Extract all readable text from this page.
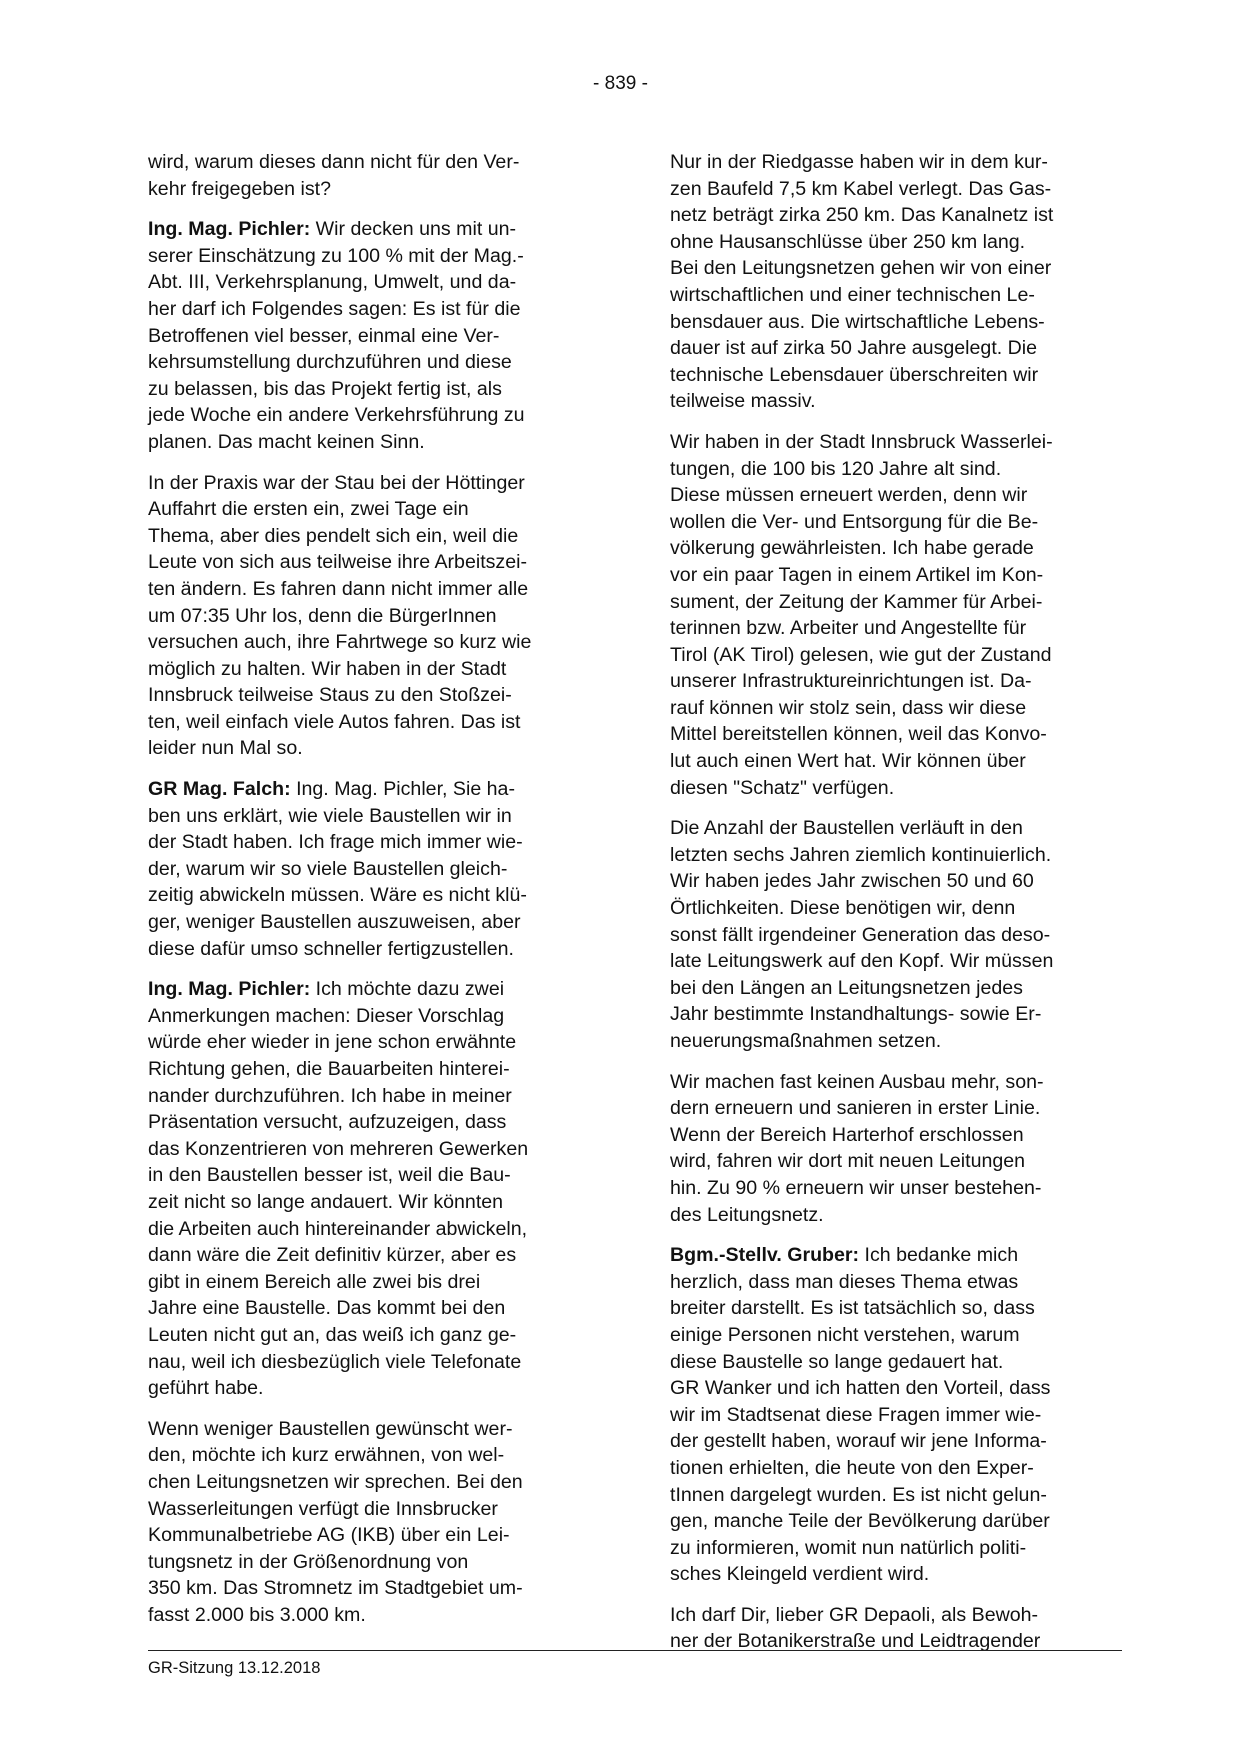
- 839 -
wird, warum dieses dann nicht für den Ver-
kehr freigegeben ist?
Ing. Mag. Pichler: Wir decken uns mit un-
serer Einschätzung zu 100 % mit der Mag.-
Abt. III, Verkehrsplanung, Umwelt, und da-
her darf ich Folgendes sagen: Es ist für die
Betroffenen viel besser, einmal eine Ver-
kehrsumstellung durchzuführen und diese
zu belassen, bis das Projekt fertig ist, als
jede Woche ein andere Verkehrsführung zu
planen. Das macht keinen Sinn.
In der Praxis war der Stau bei der Höttinger
Auffahrt die ersten ein, zwei Tage ein
Thema, aber dies pendelt sich ein, weil die
Leute von sich aus teilweise ihre Arbeitszei-
ten ändern. Es fahren dann nicht immer alle
um 07:35 Uhr los, denn die BürgerInnen
versuchen auch, ihre Fahrtwege so kurz wie
möglich zu halten. Wir haben in der Stadt
Innsbruck teilweise Staus zu den Stoßzei-
ten, weil einfach viele Autos fahren. Das ist
leider nun Mal so.
GR Mag. Falch: Ing. Mag. Pichler, Sie ha-
ben uns erklärt, wie viele Baustellen wir in
der Stadt haben. Ich frage mich immer wie-
der, warum wir so viele Baustellen gleich-
zeitig abwickeln müssen. Wäre es nicht klü-
ger, weniger Baustellen auszuweisen, aber
diese dafür umso schneller fertigzustellen.
Ing. Mag. Pichler: Ich möchte dazu zwei
Anmerkungen machen: Dieser Vorschlag
würde eher wieder in jene schon erwähnte
Richtung gehen, die Bauarbeiten hinterei-
nander durchzuführen. Ich habe in meiner
Präsentation versucht, aufzuzeigen, dass
das Konzentrieren von mehreren Gewerken
in den Baustellen besser ist, weil die Bau-
zeit nicht so lange andauert. Wir könnten
die Arbeiten auch hintereinander abwickeln,
dann wäre die Zeit definitiv kürzer, aber es
gibt in einem Bereich alle zwei bis drei
Jahre eine Baustelle. Das kommt bei den
Leuten nicht gut an, das weiß ich ganz ge-
nau, weil ich diesbezüglich viele Telefonate
geführt habe.
Wenn weniger Baustellen gewünscht wer-
den, möchte ich kurz erwähnen, von wel-
chen Leitungsnetzen wir sprechen. Bei den
Wasserleitungen verfügt die Innsbrucker
Kommunalbetriebe AG (IKB) über ein Lei-
tungsnetz in der Größenordnung von
350 km. Das Stromnetz im Stadtgebiet um-
fasst 2.000 bis 3.000 km.
Nur in der Riedgasse haben wir in dem kur-
zen Baufeld 7,5 km Kabel verlegt. Das Gas-
netz beträgt zirka 250 km. Das Kanalnetz ist
ohne Hausanschlüsse über 250 km lang.
Bei den Leitungsnetzen gehen wir von einer
wirtschaftlichen und einer technischen Le-
bensdauer aus. Die wirtschaftliche Lebens-
dauer ist auf zirka 50 Jahre ausgelegt. Die
technische Lebensdauer überschreiten wir
teilweise massiv.
Wir haben in der Stadt Innsbruck Wasserlei-
tungen, die 100 bis 120 Jahre alt sind.
Diese müssen erneuert werden, denn wir
wollen die Ver- und Entsorgung für die Be-
völkerung gewährleisten. Ich habe gerade
vor ein paar Tagen in einem Artikel im Kon-
sument, der Zeitung der Kammer für Arbei-
terinnen bzw. Arbeiter und Angestellte für
Tirol (AK Tirol) gelesen, wie gut der Zustand
unserer Infrastruktureinrichtungen ist. Da-
rauf können wir stolz sein, dass wir diese
Mittel bereitstellen können, weil das Konvo-
lut auch einen Wert hat. Wir können über
diesen "Schatz" verfügen.
Die Anzahl der Baustellen verläuft in den
letzten sechs Jahren ziemlich kontinuierlich.
Wir haben jedes Jahr zwischen 50 und 60
Örtlichkeiten. Diese benötigen wir, denn
sonst fällt irgendeiner Generation das deso-
late Leitungswerk auf den Kopf. Wir müssen
bei den Längen an Leitungsnetzen jedes
Jahr bestimmte Instandhaltungs- sowie Er-
neuerungsmaßnahmen setzen.
Wir machen fast keinen Ausbau mehr, son-
dern erneuern und sanieren in erster Linie.
Wenn der Bereich Harterhof erschlossen
wird, fahren wir dort mit neuen Leitungen
hin. Zu 90 % erneuern wir unser bestehen-
des Leitungsnetz.
Bgm.-Stellv. Gruber: Ich bedanke mich
herzlich, dass man dieses Thema etwas
breiter darstellt. Es ist tatsächlich so, dass
einige Personen nicht verstehen, warum
diese Baustelle so lange gedauert hat.
GR Wanker und ich hatten den Vorteil, dass
wir im Stadtsenat diese Fragen immer wie-
der gestellt haben, worauf wir jene Informa-
tionen erhielten, die heute von den Exper-
tInnen dargelegt wurden. Es ist nicht gelun-
gen, manche Teile der Bevölkerung darüber
zu informieren, womit nun natürlich politi-
sches Kleingeld verdient wird.
Ich darf Dir, lieber GR Depaoli, als Bewoh-
ner der Botanikerstraße und Leidtragender
GR-Sitzung 13.12.2018
